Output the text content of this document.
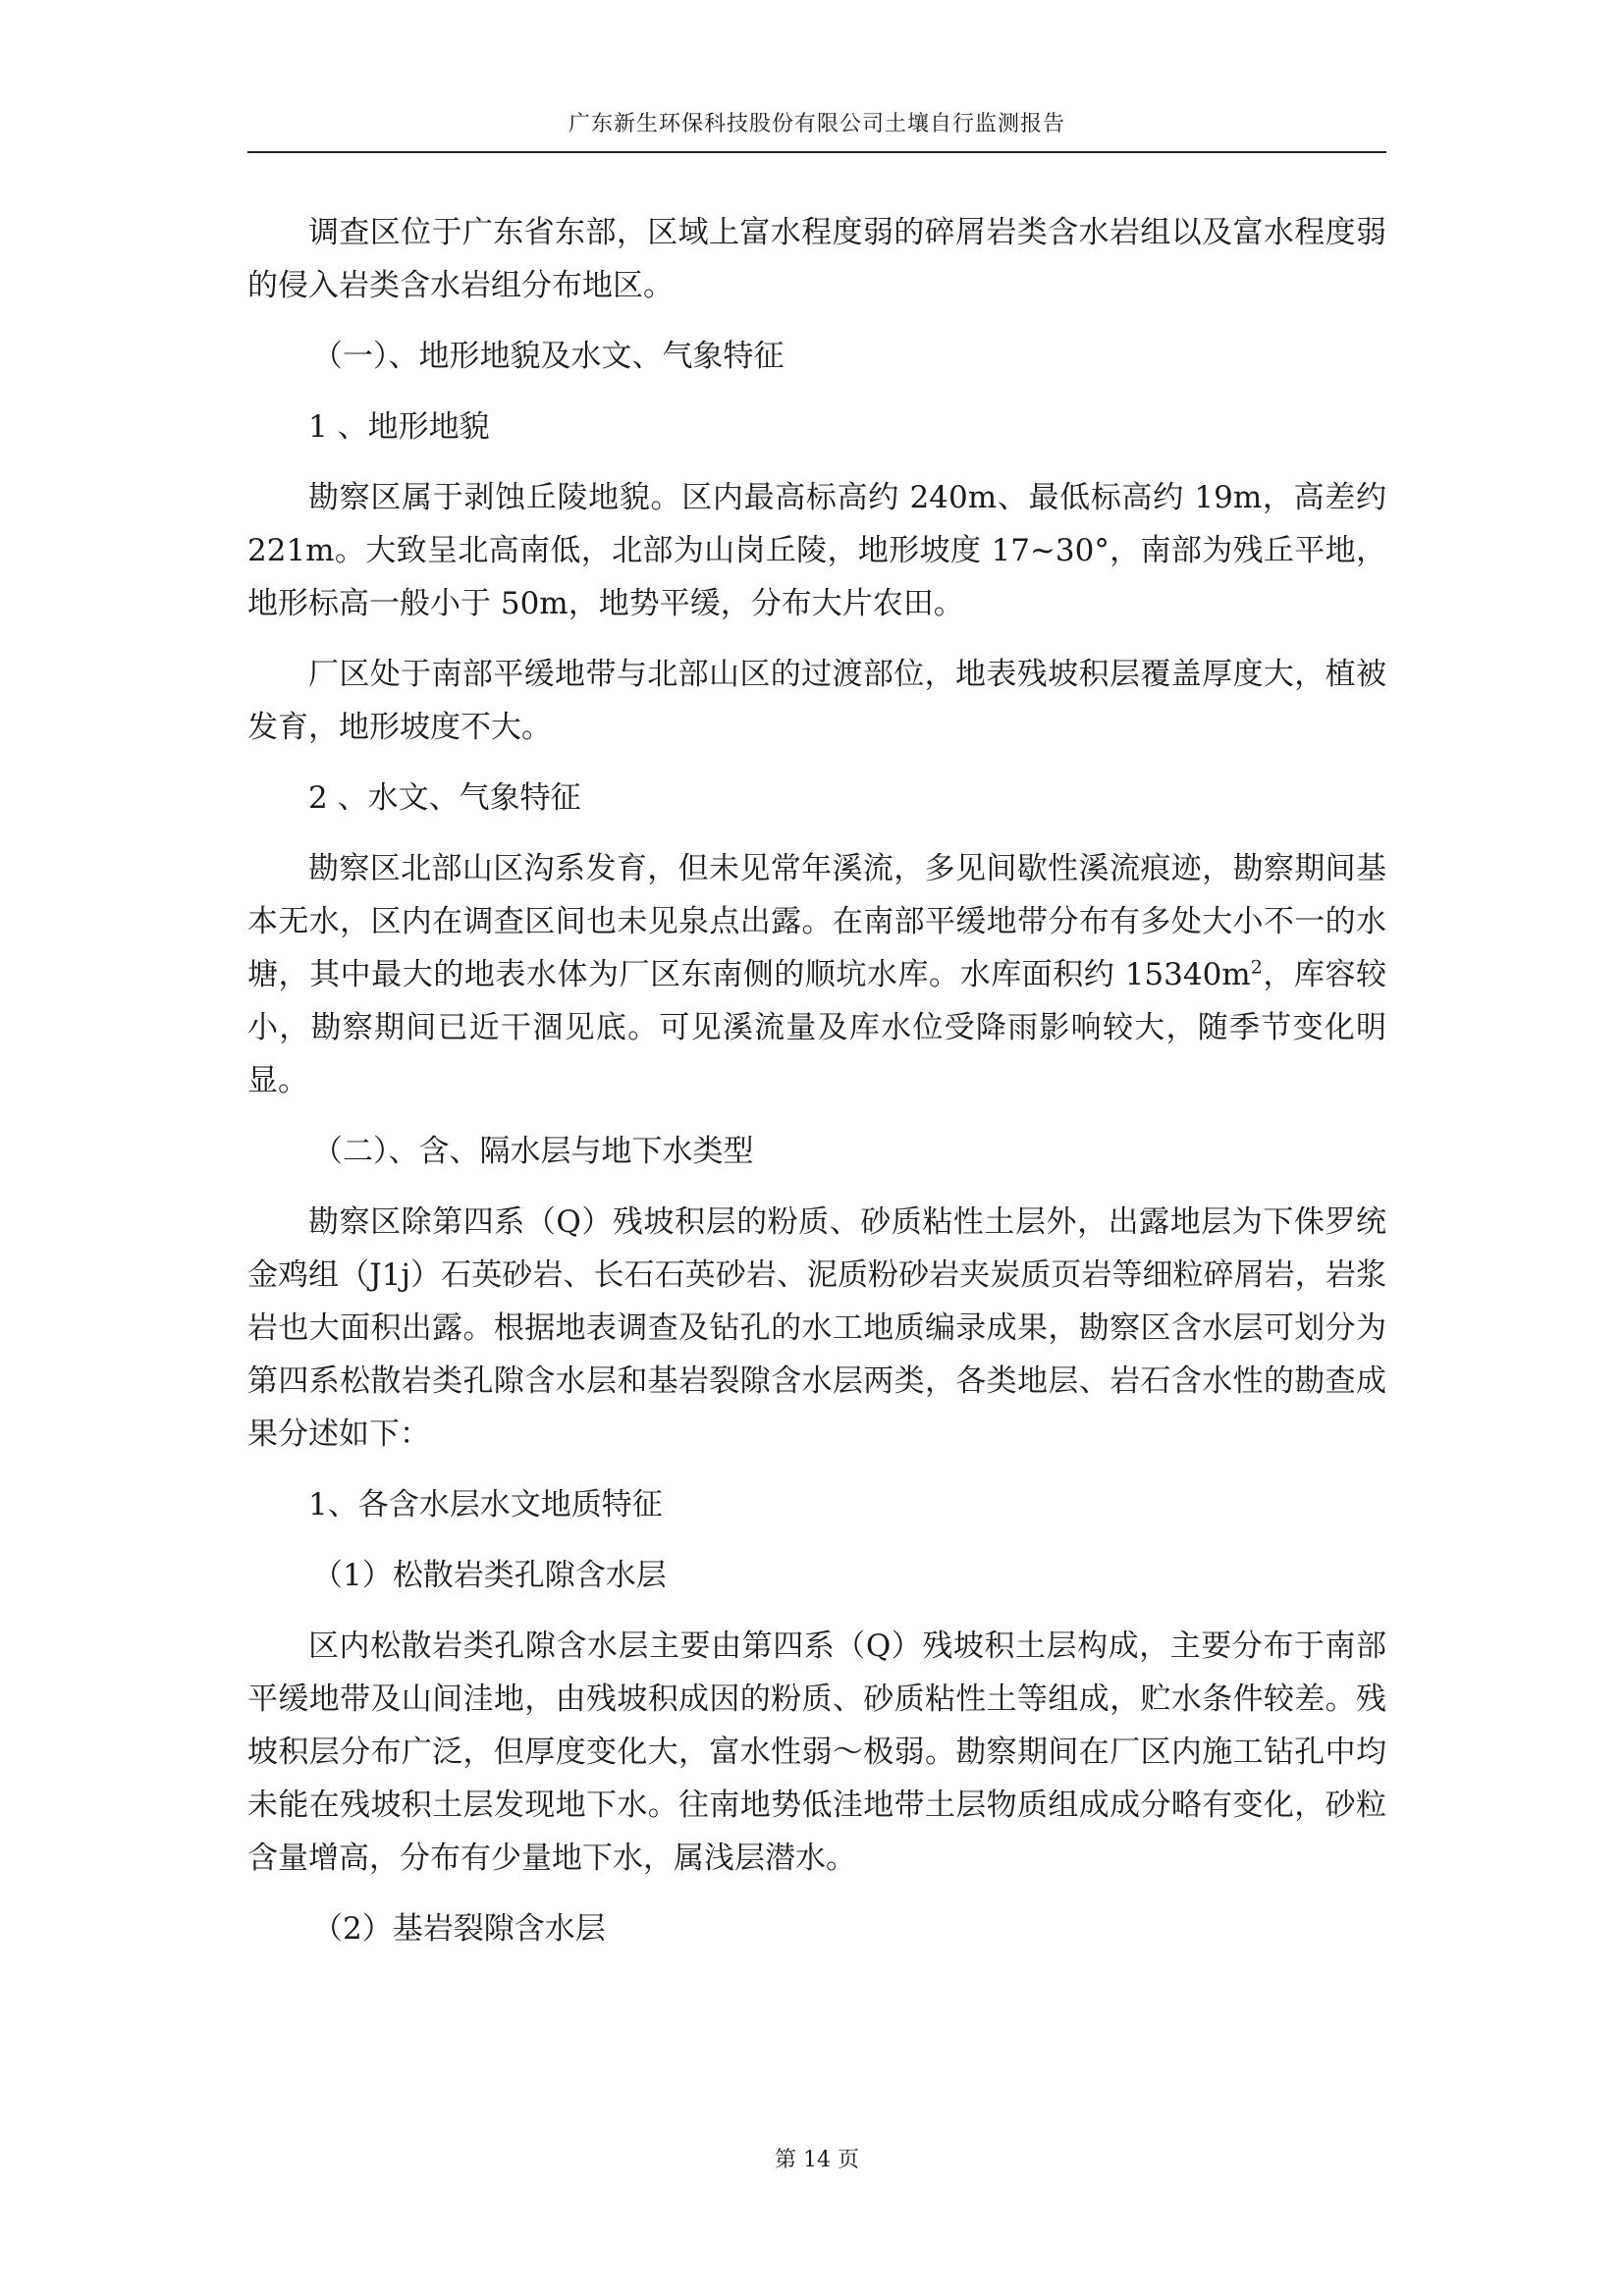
广东新生环保科技股份有限公司土壤自行监测报告

调查区位于广东省东部，区域上富水程度弱的碎屑岩类含水岩组以及富水程度弱的侵入岩类含水岩组分布地区。

（一）、地形地貌及水文、气象特征

1 、地形地貌

勘察区属于剥蚀丘陵地貌。区内最高标高约 240m、最低标高约 19m，高差约 221m。大致呈北高南低，北部为山岗丘陵，地形坡度 17~30°，南部为残丘平地，地形标高一般小于 50m，地势平缓，分布大片农田。

厂区处于南部平缓地带与北部山区的过渡部位，地表残坡积层覆盖厚度大，植被发育，地形坡度不大。

2 、水文、气象特征

勘察区北部山区沟系发育，但未见常年溪流，多见间歇性溪流痕迹，勘察期间基本无水，区内在调查区间也未见泉点出露。在南部平缓地带分布有多处大小不一的水塘，其中最大的地表水体为厂区东南侧的顺坑水库。水库面积约 $15340m^2$，库容较小，勘察期间已近干涸见底。可见溪流量及库水位受降雨影响较大，随季节变化明显。

（二）、含、隔水层与地下水类型

勘察区除第四系（Q）残坡积层的粉质、砂质粘性土层外，出露地层为下侏罗统金鸡组（J1j）石英砂岩、长石石英砂岩、泥质粉砂岩夹炭质页岩等细粒碎屑岩，岩浆岩也大面积出露。根据地表调查及钻孔的水工地质编录成果，勘察区含水层可划分为第四系松散岩类孔隙含水层和基岩裂隙含水层两类，各类地层、岩石含水性的勘查成果分述如下：

1、各含水层水文地质特征

（1）松散岩类孔隙含水层

区内松散岩类孔隙含水层主要由第四系（Q）残坡积土层构成，主要分布于南部平缓地带及山间洼地，由残坡积成因的粉质、砂质粘性土等组成，贮水条件较差。残坡积层分布广泛，但厚度变化大，富水性弱～极弱。勘察期间在厂区内施工钻孔中均未能在残坡积土层发现地下水。往南地势低洼地带土层物质组成成分略有变化，砂粒含量增高，分布有少量地下水，属浅层潜水。

（2）基岩裂隙含水层

第 14 页
